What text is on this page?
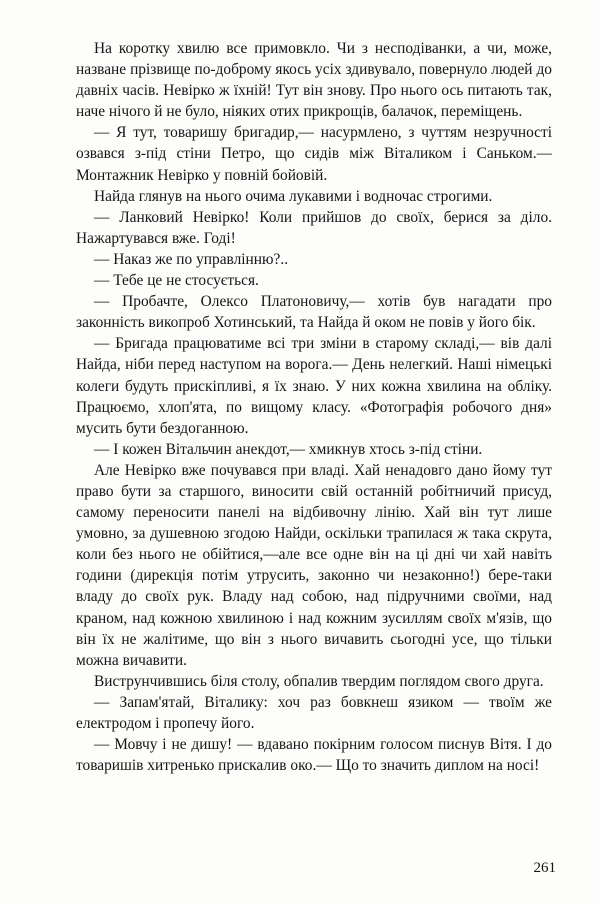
На коротку хвилю все примовкло. Чи з несподіванки, а чи, може, назване прізвище по-доброму якось усіх здивувало, повернуло людей до давніх часів. Невірко ж їхній! Тут він знову. Про нього ось питають так, наче нічого й не було, ніяких отих прикрощів, балачок, переміщень.

— Я тут, товаришу бригадир,— насурмлено, з чуттям незручності озвався з-під стіни Петро, що сидів між Віталиком і Саньком.— Монтажник Невірко у повній бойовій.

Найда глянув на нього очима лукавими і водночас строгими.

— Ланковий Невірко! Коли прийшов до своїх, берися за діло. Нажартувався вже. Годі!

— Наказ же по управлінню?..

— Тебе це не стосується.

— Пробачте, Олексо Платоновичу,— хотів був нагадати про законність викопроб Хотинський, та Найда й оком не повів у його бік.

— Бригада працюватиме всі три зміни в старому складі,— вів далі Найда, ніби перед наступом на ворога.— День нелегкий. Наші німецькі колеги будуть прискіпливі, я їх знаю. У них кожна хвилина на обліку. Працюємо, хлоп'ята, по вищому класу. «Фотографія робочого дня» мусить бути бездоганною.

— І кожен Вітальчин анекдот,— хмикнув хтось з-під стіни.

Але Невірко вже почувався при владі. Хай ненадовго дано йому тут право бути за старшого, виносити свій останній робітничий присуд, самому переносити панелі на відбивочну лінію. Хай він тут лише умовно, за душевною згодою Найди, оскільки трапилася ж така скрута, коли без нього не обійтися,—але все одне він на ці дні чи хай навіть години (дирекція потім утрусить, законно чи незаконно!) бере-таки владу до своїх рук. Владу над собою, над підручними своїми, над краном, над кожною хвилиною і над кожним зусиллям своїх м'язів, що він їх не жалітиме, що він з нього вичавить сьогодні усе, що тільки можна вичавити.

Виструнчившись біля столу, обпалив твердим поглядом свого друга.

— Запам'ятай, Віталику: хоч раз бовкнеш язиком — твоїм же електродом і пропечу його.

— Мовчу і не дишу! — вдавано покірним голосом писнув Вітя. І до товаришів хитренько прискалив око.— Що то значить диплом на носі!

261
